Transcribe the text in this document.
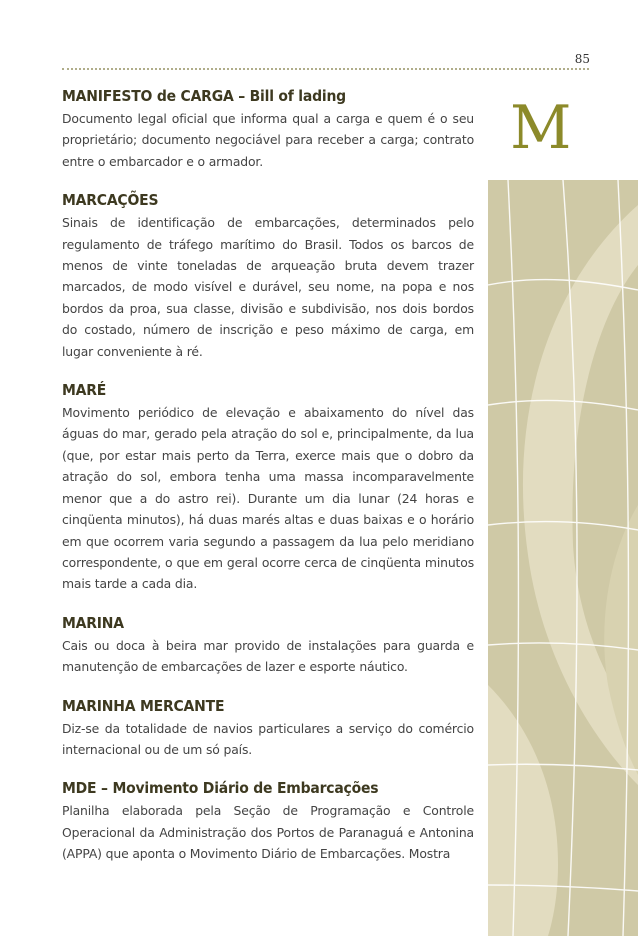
85
M
MANIFESTO de CARGA – Bill of lading

Documento legal oficial que informa qual a carga e quem é o seu proprietário; documento negociável para receber a carga; contrato entre o embarcador e o armador.

MARCAÇÕES

Sinais de identificação de embarcações, determinados pelo regulamento de tráfego marítimo do Brasil. Todos os barcos de menos de vinte toneladas de arqueação bruta devem trazer marcados, de modo visível e durável, seu nome, na popa e nos bordos da proa, sua classe, divisão e subdivisão, nos dois bordos do costado, número de inscrição e peso máximo de carga, em lugar conveniente à ré.

MARÉ

Movimento periódico de elevação e abaixamento do nível das águas do mar, gerado pela atração do sol e, principalmente, da lua (que, por estar mais perto da Terra, exerce mais que o dobro da atração do sol, embora tenha uma massa incomparavelmente menor que a do astro rei). Durante um dia lunar (24 horas e cinqüenta minutos), há duas marés altas e duas baixas e o horário em que ocorrem varia segundo a passagem da lua pelo meridiano correspondente, o que em geral ocorre cerca de cinqüenta minutos mais tarde a cada dia.

MARINA

Cais ou doca à beira mar provido de instalações para guarda e manutenção de embarcações de lazer e esporte náutico.

MARINHA MERCANTE

Diz-se da totalidade de navios particulares a serviço do comércio internacional ou de um só país.

MDE – Movimento Diário de Embarcações

Planilha elaborada pela Seção de Programação e Controle Operacional da Administração dos Portos de Paranaguá e Antonina (APPA) que aponta o Movimento Diário de Embarcações. Mostra
